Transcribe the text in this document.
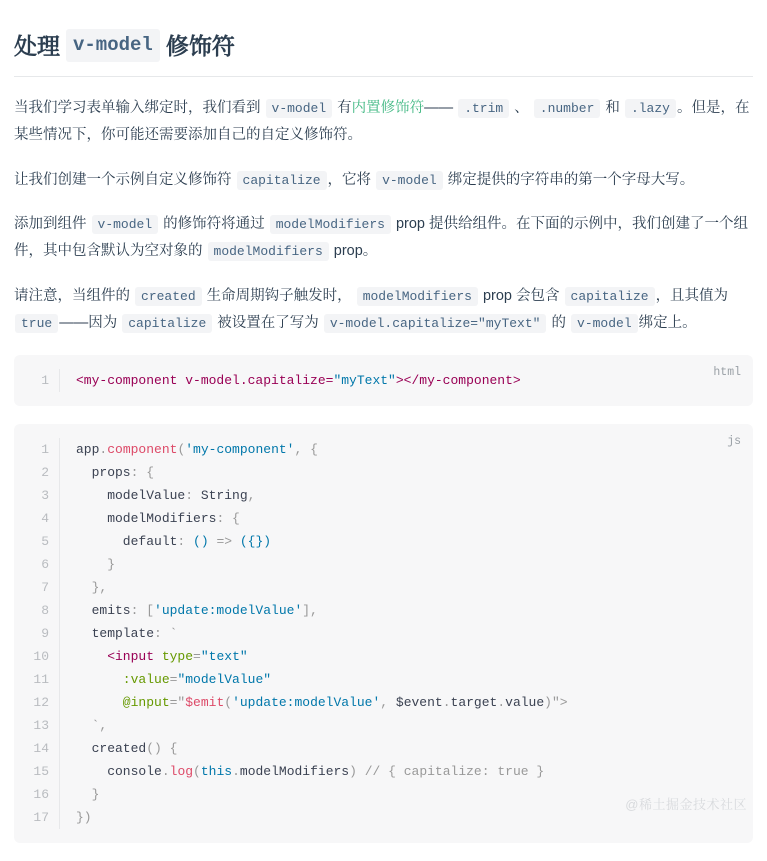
处理 v-model 修饰符

当我们学习表单输入绑定时，我们看到 v-model 有内置修饰符—— .trim 、 .number 和 .lazy 。但是，在某些情况下，你可能还需要添加自己的自定义修饰符。

让我们创建一个示例自定义修饰符 capitalize ，它将 v-model 绑定提供的字符串的第一个字母大写。

添加到组件 v-model 的修饰符将通过 modelModifiers prop 提供给组件。在下面的示例中，我们创建了一个组件，其中包含默认为空对象的 modelModifiers prop。

请注意，当组件的 created 生命周期钩子触发时， modelModifiers prop 会包含 capitalize ，且其值为 true ——因为 capitalize 被设置在了写为 v-model.capitalize="myText" 的 v-model 绑定上。

html
1 <my-component v-model.capitalize="myText"></my-component>
js
1
2
3
4
5
6
7
8
9
10
11
12
13
14
15
16
17
app.component('my-component', {
props: {
modelValue: String,
modelModifiers: {
default: () => ({})
}
},
emits: ['update:modelValue'],
template: `
<input type="text"
:value="modelValue"
@input="$emit('update:modelValue', $event.target.value)">
`,
created() {
console.log(this.modelModifiers) // { capitalize: true }
}
})
@稀土掘金技术社区
